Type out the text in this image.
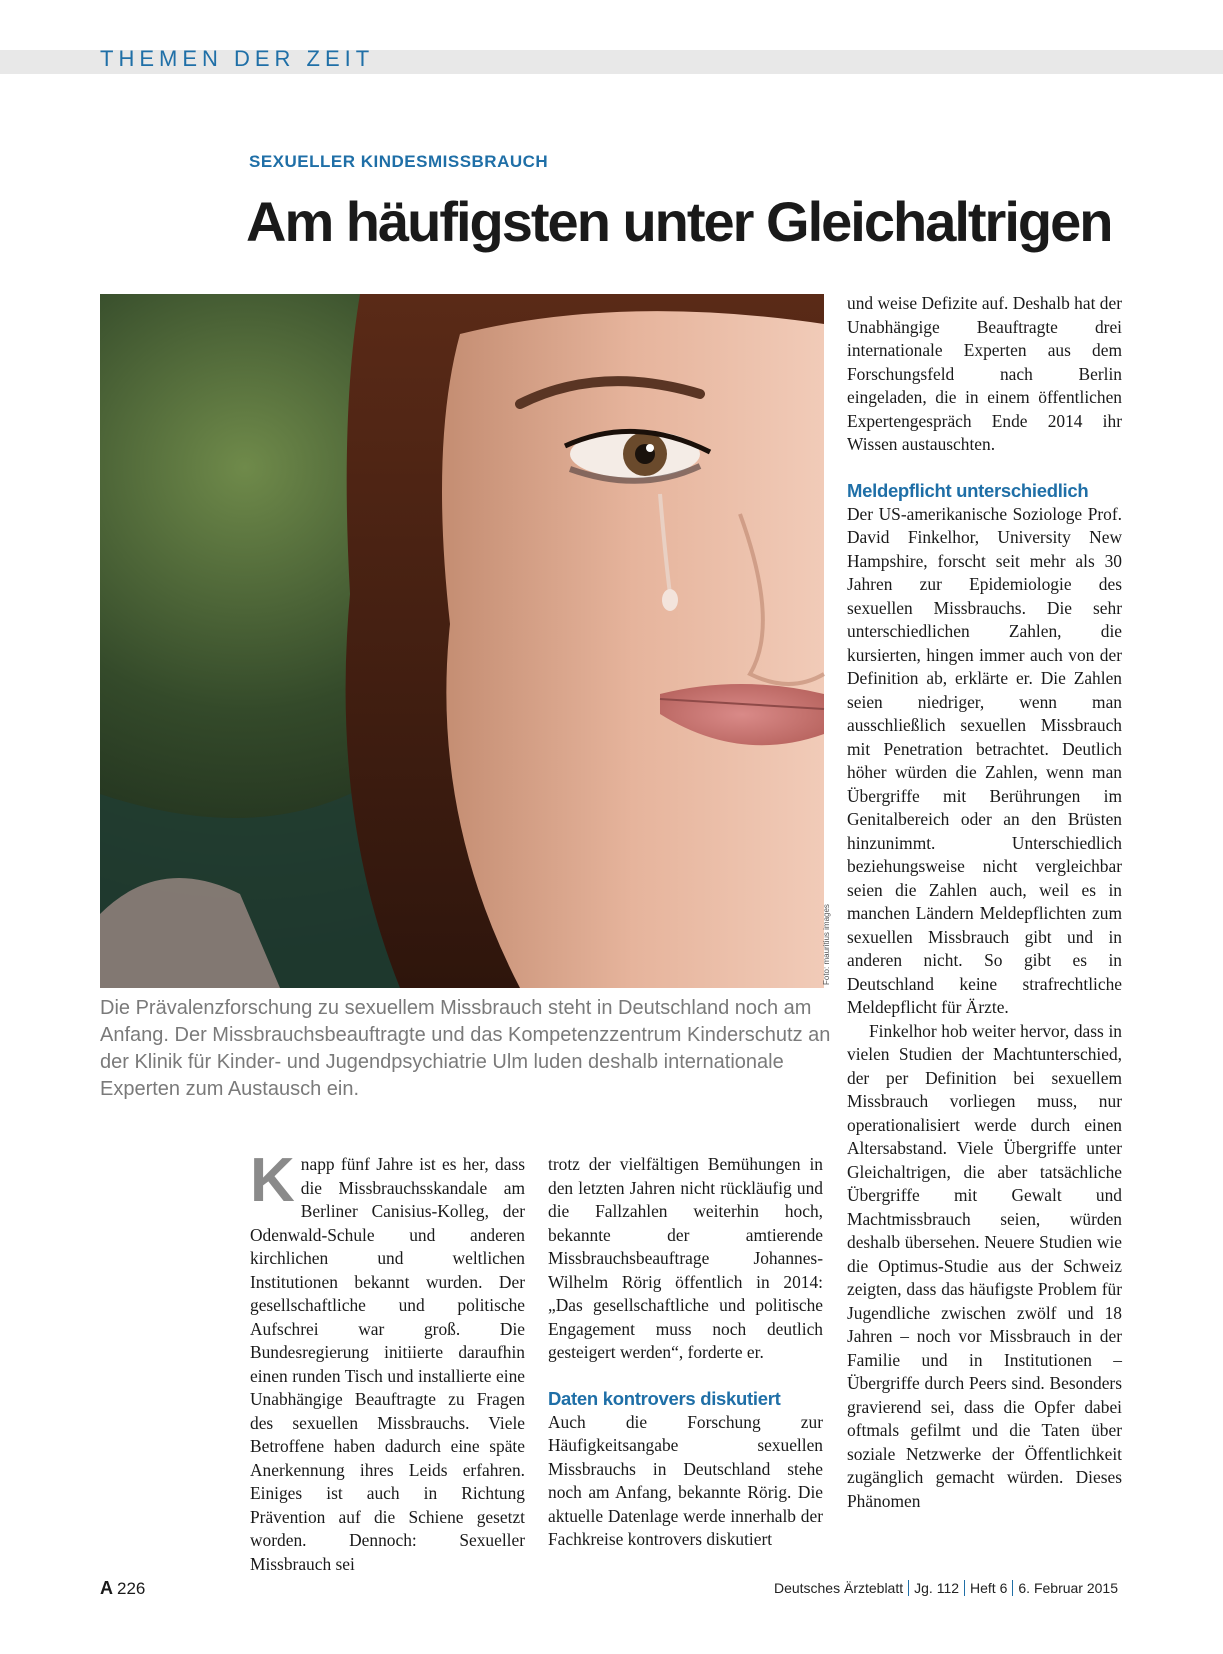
THEMEN DER ZEIT
SEXUELLER KINDESMISSBRAUCH
Am häufigsten unter Gleichaltrigen
Foto: mauritius images

Die Prävalenzforschung zu sexuellem Missbrauch steht in Deutschland noch am Anfang. Der Missbrauchsbeauftragte und das Kompetenzzentrum Kinderschutz an der Klinik für Kinder- und Jugendpsychiatrie Ulm luden deshalb internationale Experten zum Austausch ein.

Knapp fünf Jahre ist es her, dass die Missbrauchsskandale am Berliner Canisius-Kolleg, der Odenwald-Schule und anderen kirchlichen und weltlichen Institutionen bekannt wurden. Der gesellschaftliche und politische Aufschrei war groß. Die Bundesregierung initiierte daraufhin einen runden Tisch und installierte eine Unabhängige Beauftragte zu Fragen des sexuellen Missbrauchs. Viele Betroffene haben dadurch eine späte Anerkennung ihres Leids erfahren. Einiges ist auch in Richtung Prävention auf die Schiene gesetzt worden. Dennoch: Sexueller Missbrauch sei

trotz der vielfältigen Bemühungen in den letzten Jahren nicht rückläufig und die Fallzahlen weiterhin hoch, bekannte der amtierende Missbrauchsbeauftrage Johannes-Wilhelm Rörig öffentlich in 2014: „Das gesellschaftliche und politische Engagement muss noch deutlich gesteigert werden“, forderte er.

Daten kontrovers diskutiert

Auch die Forschung zur Häufigkeitsangabe sexuellen Missbrauchs in Deutschland stehe noch am Anfang, bekannte Rörig. Die aktuelle Datenlage werde innerhalb der Fachkreise kontrovers diskutiert

und weise Defizite auf. Deshalb hat der Unabhängige Beauftragte drei internationale Experten aus dem Forschungsfeld nach Berlin eingeladen, die in einem öffentlichen Expertengespräch Ende 2014 ihr Wissen austauschten.

Meldepflicht unterschiedlich

Der US-amerikanische Soziologe Prof. David Finkelhor, University New Hampshire, forscht seit mehr als 30 Jahren zur Epidemiologie des sexuellen Missbrauchs. Die sehr unterschiedlichen Zahlen, die kursierten, hingen immer auch von der Definition ab, erklärte er. Die Zahlen seien niedriger, wenn man ausschließlich sexuellen Missbrauch mit Penetration betrachtet. Deutlich höher würden die Zahlen, wenn man Übergriffe mit Berührungen im Genitalbereich oder an den Brüsten hinzunimmt. Unterschiedlich beziehungsweise nicht vergleichbar seien die Zahlen auch, weil es in manchen Ländern Meldepflichten zum sexuellen Missbrauch gibt und in anderen nicht. So gibt es in Deutschland keine strafrechtliche Meldepflicht für Ärzte.

Finkelhor hob weiter hervor, dass in vielen Studien der Machtunterschied, der per Definition bei sexuellem Missbrauch vorliegen muss, nur operationalisiert werde durch einen Altersabstand. Viele Übergriffe unter Gleichaltrigen, die aber tatsächliche Übergriffe mit Gewalt und Machtmissbrauch seien, würden deshalb übersehen. Neuere Studien wie die Optimus-Studie aus der Schweiz zeigten, dass das häufigste Problem für Jugendliche zwischen zwölf und 18 Jahren – noch vor Missbrauch in der Familie und in Institutionen – Übergriffe durch Peers sind. Besonders gravierend sei, dass die Opfer dabei oftmals gefilmt und die Taten über soziale Netzwerke der Öffentlichkeit zugänglich gemacht würden. Dieses Phänomen

A 226	Deutsches Ärzteblatt Jg. 112 Heft 6 6. Februar 2015
